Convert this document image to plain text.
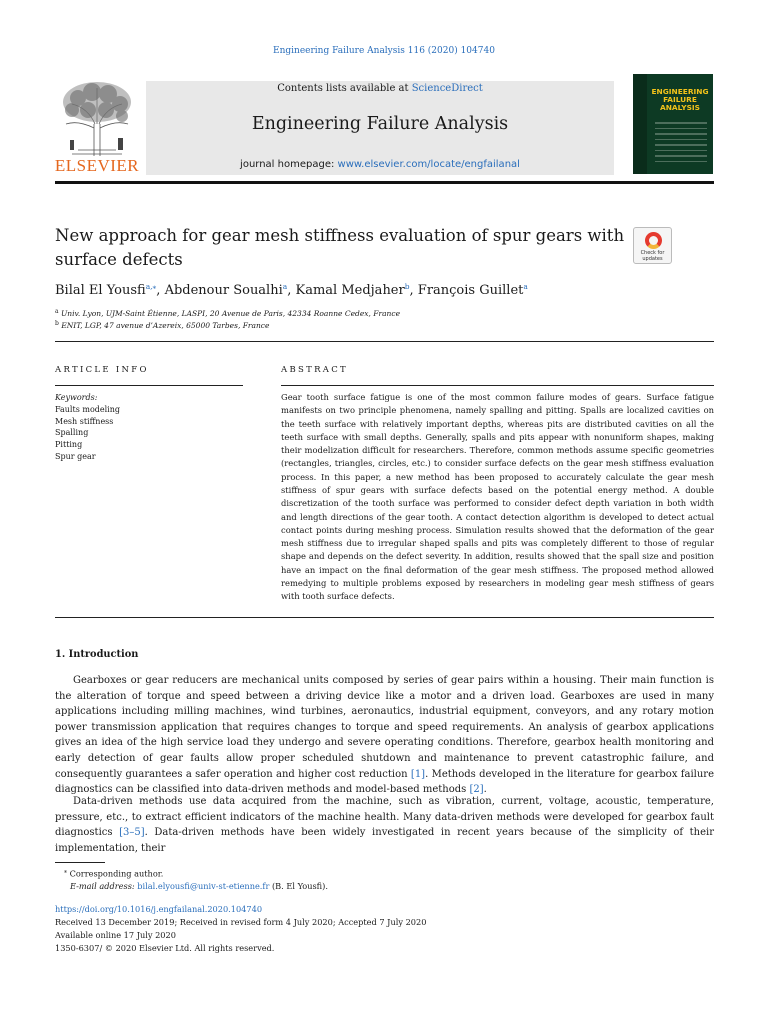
Engineering Failure Analysis 116 (2020) 104740
ELSEVIER
Contents lists available at ScienceDirect
Engineering Failure Analysis
journal homepage: www.elsevier.com/locate/engfailanal
ENGINEERING FAILURE ANALYSIS
New approach for gear mesh stiffness evaluation of spur gears with surface defects	Check for updates
Bilal El Yousfi$^{a,⁎}$, Abdenour Soualhi$^a$, Kamal Medjaher$^b$, François Guillet$^a$
$^a$ Univ. Lyon, UJM-Saint Étienne, LASPI, 20 Avenue de Paris, 42334 Roanne Cedex, France
$^b$ ENIT, LGP, 47 avenue d’Azereix, 65000 Tarbes, France
ARTICLE INFO
Keywords:
Faults modeling
Mesh stiffness
Spalling
Pitting
Spur gear
ABSTRACT
Gear tooth surface fatigue is one of the most common failure modes of gears. Surface fatigue manifests on two principle phenomena, namely spalling and pitting. Spalls are localized cavities on the teeth surface with relatively important depths, whereas pits are distributed cavities on all the teeth surface with small depths. Generally, spalls and pits appear with nonuniform shapes, making their modelization difficult for researchers. Therefore, common methods assume specific geometries (rectangles, triangles, circles, etc.) to consider surface defects on the gear mesh stiffness evaluation process. In this paper, a new method has been proposed to accurately calculate the gear mesh stiffness of spur gears with surface defects based on the potential energy method. A double discretization of the tooth surface was performed to consider defect depth variation in both width and length directions of the gear tooth. A contact detection algorithm is developed to detect actual contact points during meshing process. Simulation results showed that the deformation of the gear mesh stiffness due to irregular shaped spalls and pits was completely different to those of regular shape and depends on the defect severity. In addition, results showed that the spall size and position have an impact on the final deformation of the gear mesh stiffness. The proposed method allowed remedying to multiple problems exposed by researchers in modeling gear mesh stiffness of gears with tooth surface defects.
1. Introduction
Gearboxes or gear reducers are mechanical units composed by series of gear pairs within a housing. Their main function is the alteration of torque and speed between a driving device like a motor and a driven load. Gearboxes are used in many applications including milling machines, wind turbines, aeronautics, industrial equipment, conveyors, and any rotary motion power transmission application that requires changes to torque and speed requirements. An analysis of gearbox applications gives an idea of the high service load they undergo and severe operating conditions. Therefore, gearbox health monitoring and early detection of gear faults allow proper scheduled shutdown and maintenance to prevent catastrophic failure, and consequently guarantees a safer operation and higher cost reduction [1]. Methods developed in the literature for gearbox failure diagnostics can be classified into data-driven methods and model-based methods [2].
Data-driven methods use data acquired from the machine, such as vibration, current, voltage, acoustic, temperature, pressure, etc., to extract efficient indicators of the machine health. Many data-driven methods were developed for gearbox fault diagnostics [3–5]. Data-driven methods have been widely investigated in recent years because of the simplicity of their implementation, their
⁎ Corresponding author.
E-mail address: bilal.elyousfi@univ-st-etienne.fr (B. El Yousfi).
https://doi.org/10.1016/j.engfailanal.2020.104740
Received 13 December 2019; Received in revised form 4 July 2020; Accepted 7 July 2020
Available online 17 July 2020
1350-6307/ © 2020 Elsevier Ltd. All rights reserved.
